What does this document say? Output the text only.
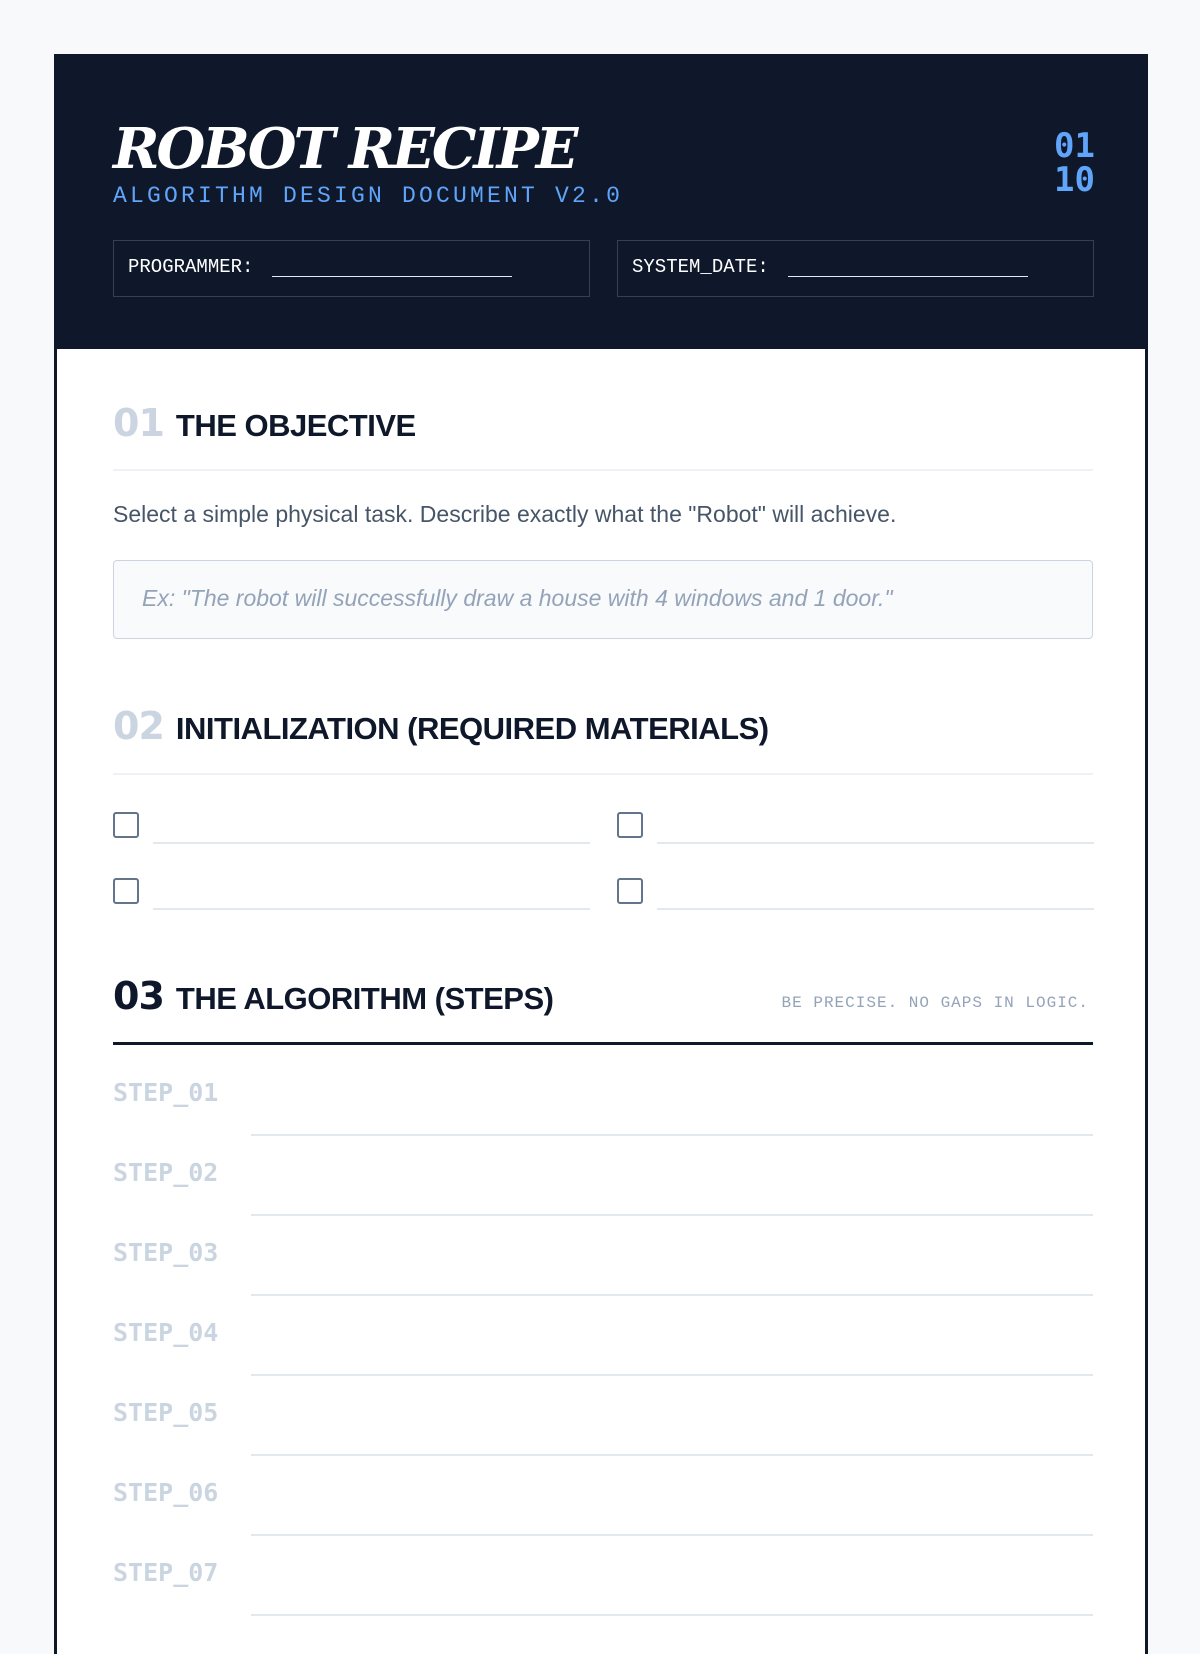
ROBOT RECIPE
ALGORITHM DESIGN DOCUMENT V2.0
01
10
PROGRAMMER:	SYSTEM_DATE:
01 THE OBJECTIVE
Select a simple physical task. Describe exactly what the "Robot" will achieve.
Ex: "The robot will successfully draw a house with 4 windows and 1 door."
02 INITIALIZATION (REQUIRED MATERIALS)
03 THE ALGORITHM (STEPS)	BE PRECISE. NO GAPS IN LOGIC.
STEP_01
STEP_02
STEP_03
STEP_04
STEP_05
STEP_06
STEP_07
